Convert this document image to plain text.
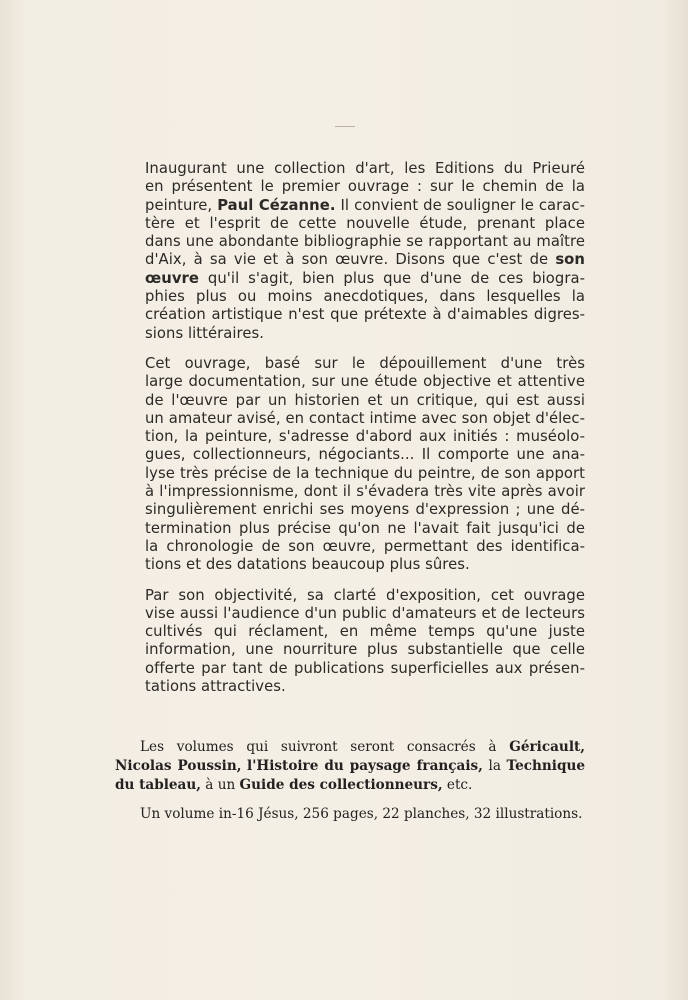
Inaugurant une collection d'art, les Editions du Prieuré
en présentent le premier ouvrage : sur le chemin de la
peinture, Paul Cézanne. Il convient de souligner le carac-
tère et l'esprit de cette nouvelle étude, prenant place
dans une abondante bibliographie se rapportant au maître
d'Aix, à sa vie et à son œuvre. Disons que c'est de son
œuvre qu'il s'agit, bien plus que d'une de ces biogra-
phies plus ou moins anecdotiques, dans lesquelles la
création artistique n'est que prétexte à d'aimables digres-
sions littéraires.

Cet ouvrage, basé sur le dépouillement d'une très
large documentation, sur une étude objective et attentive
de l'œuvre par un historien et un critique, qui est aussi
un amateur avisé, en contact intime avec son objet d'élec-
tion, la peinture, s'adresse d'abord aux initiés : muséolo-
gues, collectionneurs, négociants... Il comporte une ana-
lyse très précise de la technique du peintre, de son apport
à l'impressionnisme, dont il s'évadera très vite après avoir
singulièrement enrichi ses moyens d'expression ; une dé-
termination plus précise qu'on ne l'avait fait jusqu'ici de
la chronologie de son œuvre, permettant des identifica-
tions et des datations beaucoup plus sûres.

Par son objectivité, sa clarté d'exposition, cet ouvrage
vise aussi l'audience d'un public d'amateurs et de lecteurs
cultivés qui réclament, en même temps qu'une juste
information, une nourriture plus substantielle que celle
offerte par tant de publications superficielles aux présen-
tations attractives.

Les volumes qui suivront seront consacrés à Géricault,
Nicolas Poussin, l'Histoire du paysage français, la Technique
du tableau, à un Guide des collectionneurs, etc.

Un volume in-16 Jésus, 256 pages, 22 planches, 32 illustrations.
